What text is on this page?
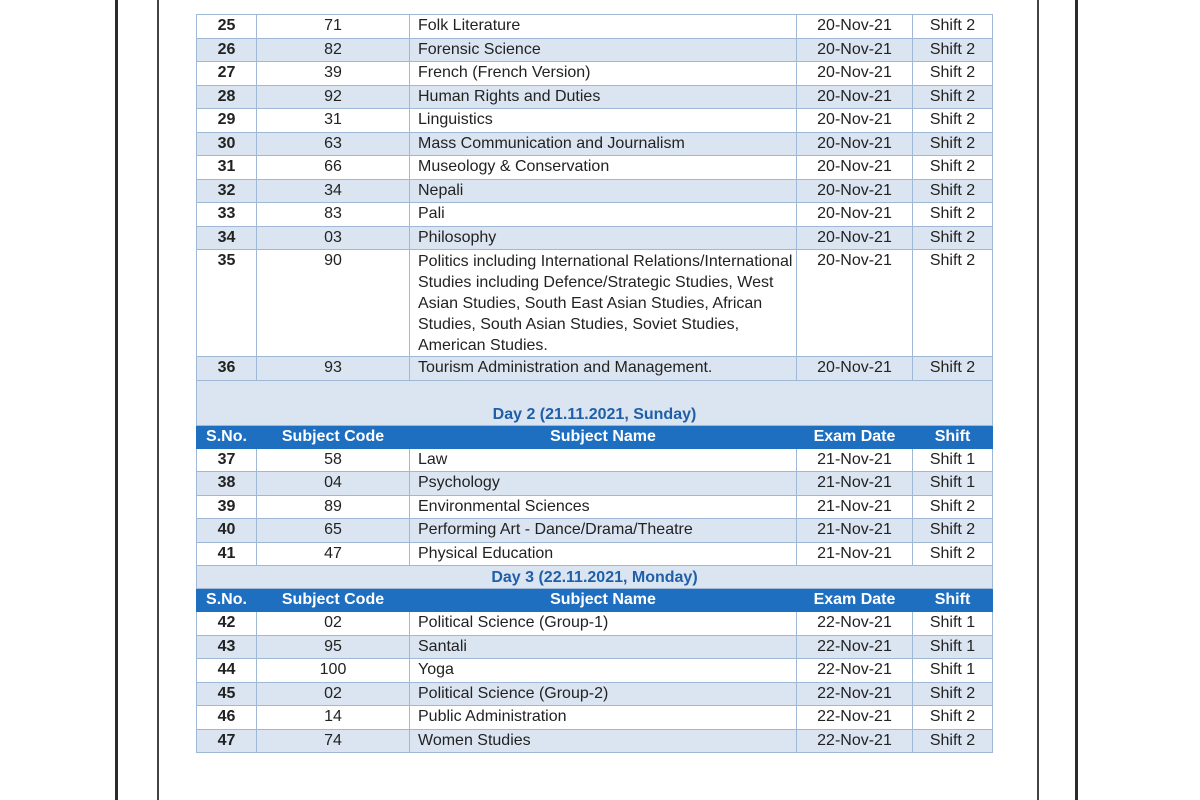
25	71	Folk Literature	20-Nov-21	Shift 2
26	82	Forensic Science	20-Nov-21	Shift 2
27	39	French (French Version)	20-Nov-21	Shift 2
28	92	Human Rights and Duties	20-Nov-21	Shift 2
29	31	Linguistics	20-Nov-21	Shift 2
30	63	Mass Communication and Journalism	20-Nov-21	Shift 2
31	66	Museology & Conservation	20-Nov-21	Shift 2
32	34	Nepali	20-Nov-21	Shift 2
33	83	Pali	20-Nov-21	Shift 2
34	03	Philosophy	20-Nov-21	Shift 2
35	90	Politics including International Relations/International Studies including Defence/Strategic Studies, West Asian Studies, South East Asian Studies, African Studies, South Asian Studies, Soviet Studies, American Studies.	20-Nov-21	Shift 2
36	93	Tourism Administration and Management.	20-Nov-21	Shift 2
Day 2 (21.11.2021, Sunday)				
S.No.	Subject Code	Subject Name	Exam Date	Shift
37	58	Law	21-Nov-21	Shift 1
38	04	Psychology	21-Nov-21	Shift 1
39	89	Environmental Sciences	21-Nov-21	Shift 2
40	65	Performing Art - Dance/Drama/Theatre	21-Nov-21	Shift 2
41	47	Physical Education	21-Nov-21	Shift 2
Day 3 (22.11.2021, Monday)				
S.No.	Subject Code	Subject Name	Exam Date	Shift
42	02	Political Science (Group-1)	22-Nov-21	Shift 1
43	95	Santali	22-Nov-21	Shift 1
44	100	Yoga	22-Nov-21	Shift 1
45	02	Political Science (Group-2)	22-Nov-21	Shift 2
46	14	Public Administration	22-Nov-21	Shift 2
47	74	Women Studies	22-Nov-21	Shift 2
